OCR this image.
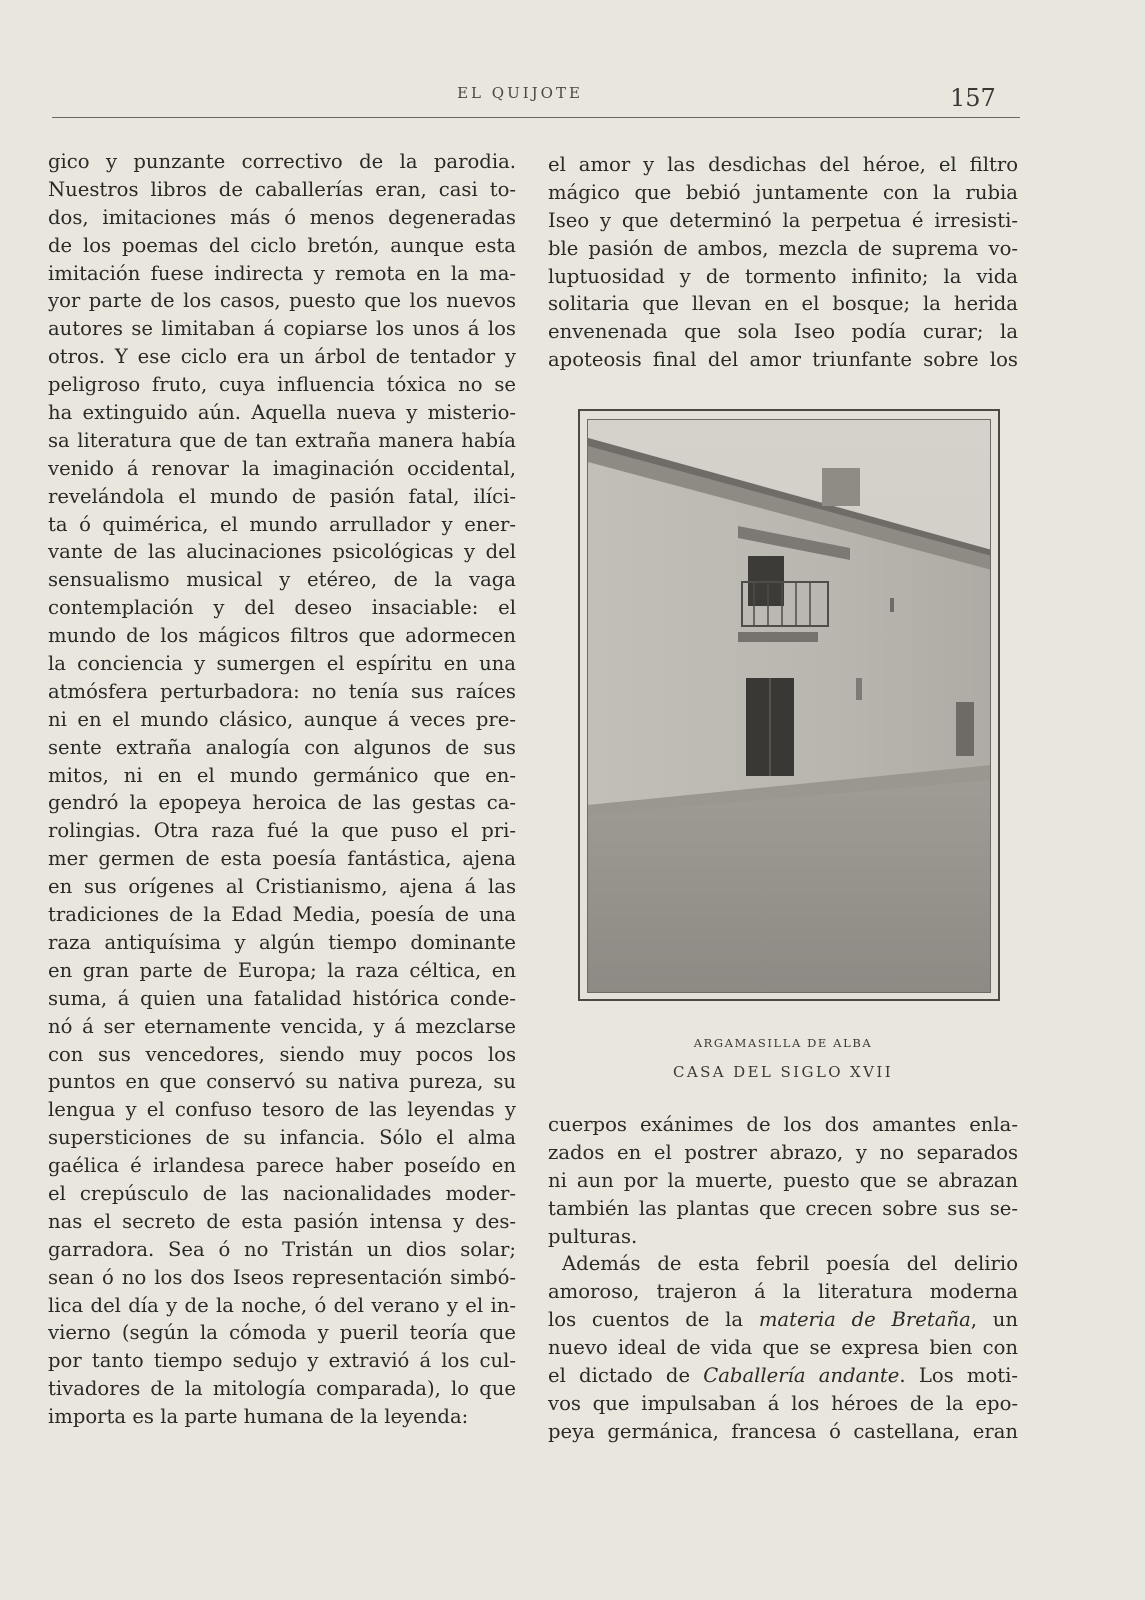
EL QUIJOTE	157
gico y punzante correctivo de la parodia.
Nuestros libros de caballerías eran, casi to-
dos, imitaciones más ó menos degeneradas
de los poemas del ciclo bretón, aunque esta
imitación fuese indirecta y remota en la ma-
yor parte de los casos, puesto que los nuevos
autores se limitaban á copiarse los unos á los
otros. Y ese ciclo era un árbol de tentador y
peligroso fruto, cuya influencia tóxica no se
ha extinguido aún. Aquella nueva y misterio-
sa literatura que de tan extraña manera había
venido á renovar la imaginación occidental,
revelándola el mundo de pasión fatal, ilíci-
ta ó quimérica, el mundo arrullador y ener-
vante de las alucinaciones psicológicas y del
sensualismo musical y etéreo, de la vaga
contemplación y del deseo insaciable: el
mundo de los mágicos filtros que adormecen
la conciencia y sumergen el espíritu en una
atmósfera perturbadora: no tenía sus raíces
ni en el mundo clásico, aunque á veces pre-
sente extraña analogía con algunos de sus
mitos, ni en el mundo germánico que en-
gendró la epopeya heroica de las gestas ca-
rolingias. Otra raza fué la que puso el pri-
mer germen de esta poesía fantástica, ajena
en sus orígenes al Cristianismo, ajena á las
tradiciones de la Edad Media, poesía de una
raza antiquísima y algún tiempo dominante
en gran parte de Europa; la raza céltica, en
suma, á quien una fatalidad histórica conde-
nó á ser eternamente vencida, y á mezclarse
con sus vencedores, siendo muy pocos los
puntos en que conservó su nativa pureza, su
lengua y el confuso tesoro de las leyendas y
supersticiones de su infancia. Sólo el alma
gaélica é irlandesa parece haber poseído en
el crepúsculo de las nacionalidades moder-
nas el secreto de esta pasión intensa y des-
garradora. Sea ó no Tristán un dios solar;
sean ó no los dos Iseos representación simbó-
lica del día y de la noche, ó del verano y el in-
vierno (según la cómoda y pueril teoría que
por tanto tiempo sedujo y extravió á los cul-
tivadores de la mitología comparada), lo que
importa es la parte humana de la leyenda:
el amor y las desdichas del héroe, el filtro
mágico que bebió juntamente con la rubia
Iseo y que determinó la perpetua é irresisti-
ble pasión de ambos, mezcla de suprema vo-
luptuosidad y de tormento infinito; la vida
solitaria que llevan en el bosque; la herida
envenenada que sola Iseo podía curar; la
apoteosis final del amor triunfante sobre los
ARGAMASILLA DE ALBA
CASA DEL SIGLO XVII
cuerpos exánimes de los dos amantes enla-
zados en el postrer abrazo, y no separados
ni aun por la muerte, puesto que se abrazan
también las plantas que crecen sobre sus se-
pulturas.
Además de esta febril poesía del delirio
amoroso, trajeron á la literatura moderna
los cuentos de la materia de Bretaña, un
nuevo ideal de vida que se expresa bien con
el dictado de Caballería andante. Los moti-
vos que impulsaban á los héroes de la epo-
peya germánica, francesa ó castellana, eran
